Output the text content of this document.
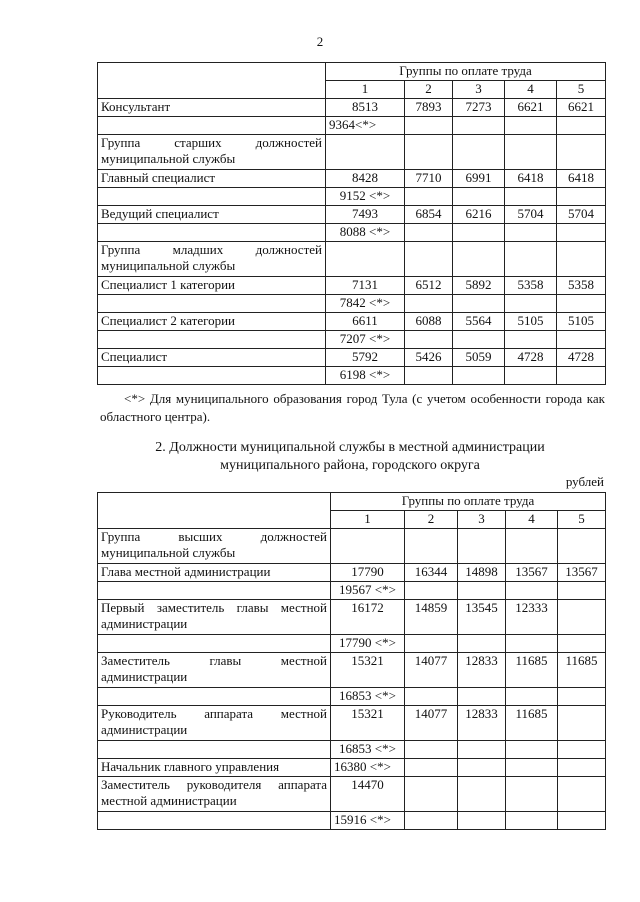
2
	Группы по оплате труда				
	1	2	3	4	5
Консультант	8513	7893	7273	6621	6621
	9364<*>				
Группа старших должностей муниципальной службы					
Главный специалист	8428	7710	6991	6418	6418
	9152 <*>				
Ведущий специалист	7493	6854	6216	5704	5704
	8088 <*>				
Группа младших должностей муниципальной службы					
Специалист 1 категории	7131	6512	5892	5358	5358
	7842 <*>				
Специалист 2 категории	6611	6088	5564	5105	5105
	7207 <*>				
Специалист	5792	5426	5059	4728	4728
	6198 <*>				
<*> Для муниципального образования город Тула (с учетом особенности города как областного центра).
2. Должности муниципальной службы в местной администрации
муниципального района, городского округа
рублей
	Группы по оплате труда				
	1	2	3	4	5
Группа высших должностей муниципальной службы					
Глава местной администрации	17790	16344	14898	13567	13567
	19567 <*>				
Первый заместитель главы местной администрации	16172	14859	13545	12333	
	17790 <*>				
Заместитель главы местной администрации	15321	14077	12833	11685	11685
	16853 <*>				
Руководитель аппарата местной администрации	15321	14077	12833	11685	
	16853 <*>				
Начальник главного управления	16380 <*>				
Заместитель руководителя аппарата местной администрации	14470				
	15916 <*>				
